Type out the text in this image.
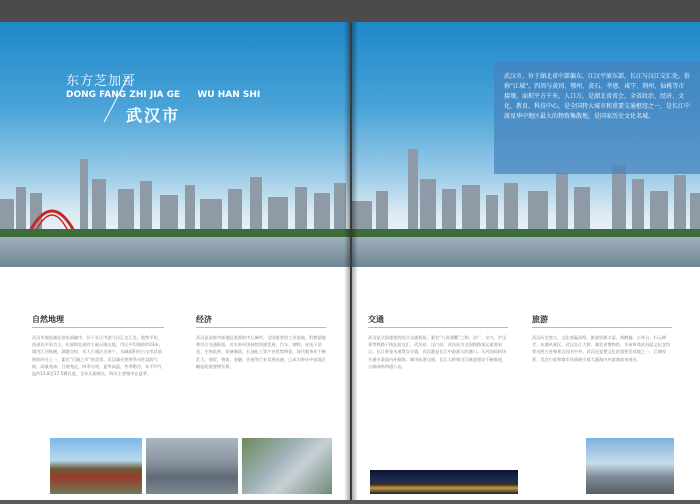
东方芝加哥
DONG FANG ZHI JIA GE WU HAN SHI
武汉市
自然地理
武汉市地处湖北省东部偏中，位于长江中游与汉江交汇处，地势平坦，西部以平原为主，东部和北部有少量丘陵山地，市区平均海拔约23米。境内江河纵横，湖港交织，有大小湖泊百余个，水域面积约占全市总面积的四分之一，素有“百湖之市”的美誉。武汉属亚热带季风性湿润气候，雨量充沛，日照充足，四季分明，夏季高温，冬季稍冷，年平均气温约15.8至17.5摄氏度，全年无霜期长，降水主要集中在夏季。
经济
武汉是国家中部地区重要的中心城市，全国重要的工业基地、科教基地和综合交通枢纽。近年来经济持续快速发展，汽车、钢铁、光电子信息、生物医药、装备制造、石油化工等产业优势明显，现代服务业不断壮大，商贸、物流、金融、会展等行业发展迅速，已成为带动中部地区崛起的重要增长极。
武汉市，位于湖北省中部偏东，江汉平原东部，长江与汉江交汇处，俗称“江城”。四周与黄冈、鄂州、黄石、孝感、咸宁、荆州、仙桃等市接壤，面积平方千米，人口万，是湖北省省会，全省政治、经济、文化、教育、科技中心，是全国特大城市和重要交通枢纽之一，是长江中游及华中地区最大的物资集散地，是国家历史文化名城。
交通
武汉是全国重要的综合交通枢纽，素有“九省通衢”之称。京广、京九、沪汉蓉等铁路干线在此交汇，武汉站、汉口站、武昌站为全国铁路客运重要站点。长江黄金水道贯穿全境，武汉港是长江中游最大的港口。天河国际机场开通多条国内外航线。城市轨道交通、长江大桥和过江隧道建设不断推进，公路网络四通八达。
旅游
武汉历史悠久，文化底蕴深厚，旅游资源丰富。黄鹤楼、古琴台、归元禅寺、东湖风景区、武汉长江大桥、湖北省博物馆、辛亥革命武昌起义纪念馆等名胜古迹和景点闻名中外。武汉还是楚文化的重要发祥地之一，江城夜景、美食小吃和都市风情吸引着大量海内外游客前来观光。
